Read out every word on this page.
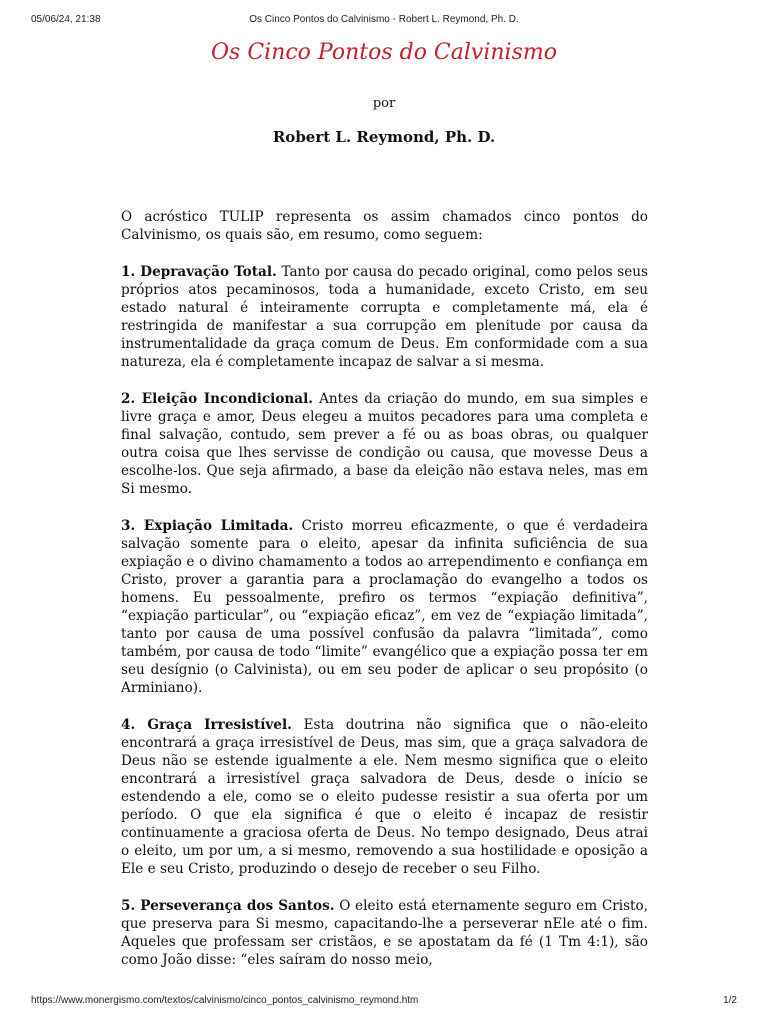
05/06/24, 21:38	Os Cinco Pontos do Calvinismo - Robert L. Reymond, Ph. D.
Os Cinco Pontos do Calvinismo
por
Robert L. Reymond, Ph. D.

O acróstico TULIP representa os assim chamados cinco pontos do Calvinismo, os quais são, em resumo, como seguem:

1. Depravação Total. Tanto por causa do pecado original, como pelos seus próprios atos pecaminosos, toda a humanidade, exceto Cristo, em seu estado natural é inteiramente corrupta e completamente má, ela é restringida de manifestar a sua corrupção em plenitude por causa da instrumentalidade da graça comum de Deus. Em conformidade com a sua natureza, ela é completamente incapaz de salvar a si mesma.

2. Eleição Incondicional. Antes da criação do mundo, em sua simples e livre graça e amor, Deus elegeu a muitos pecadores para uma completa e final salvação, contudo, sem prever a fé ou as boas obras, ou qualquer outra coisa que lhes servisse de condição ou causa, que movesse Deus a escolhe-los. Que seja afirmado, a base da eleição não estava neles, mas em Si mesmo.

3. Expiação Limitada. Cristo morreu eficazmente, o que é verdadeira salvação somente para o eleito, apesar da infinita suficiência de sua expiação e o divino chamamento a todos ao arrependimento e confiança em Cristo, prover a garantia para a proclamação do evangelho a todos os homens. Eu pessoalmente, prefiro os termos “expiação definitiva”, “expiação particular”, ou “expiação eficaz”, em vez de “expiação limitada”, tanto por causa de uma possível confusão da palavra “limitada”, como também, por causa de todo “limite” evangélico que a expiação possa ter em seu desígnio (o Calvinista), ou em seu poder de aplicar o seu propósito (o Arminiano).

4. Graça Irresistível. Esta doutrina não significa que o não-eleito encontrará a graça irresistível de Deus, mas sim, que a graça salvadora de Deus não se estende igualmente a ele. Nem mesmo significa que o eleito encontrará a irresistível graça salvadora de Deus, desde o início se estendendo a ele, como se o eleito pudesse resistir a sua oferta por um período. O que ela significa é que o eleito é incapaz de resistir continuamente a graciosa oferta de Deus. No tempo designado, Deus atrai o eleito, um por um, a si mesmo, removendo a sua hostilidade e oposição a Ele e seu Cristo, produzindo o desejo de receber o seu Filho.

5. Perseverança dos Santos. O eleito está eternamente seguro em Cristo, que preserva para Si mesmo, capacitando-lhe a perseverar nEle até o fim. Aqueles que professam ser cristãos, e se apostatam da fé (1 Tm 4:1), são como João disse: “eles saíram do nosso meio,

https://www.monergismo.com/textos/calvinismo/cinco_pontos_calvinismo_reymond.htm	1/2
